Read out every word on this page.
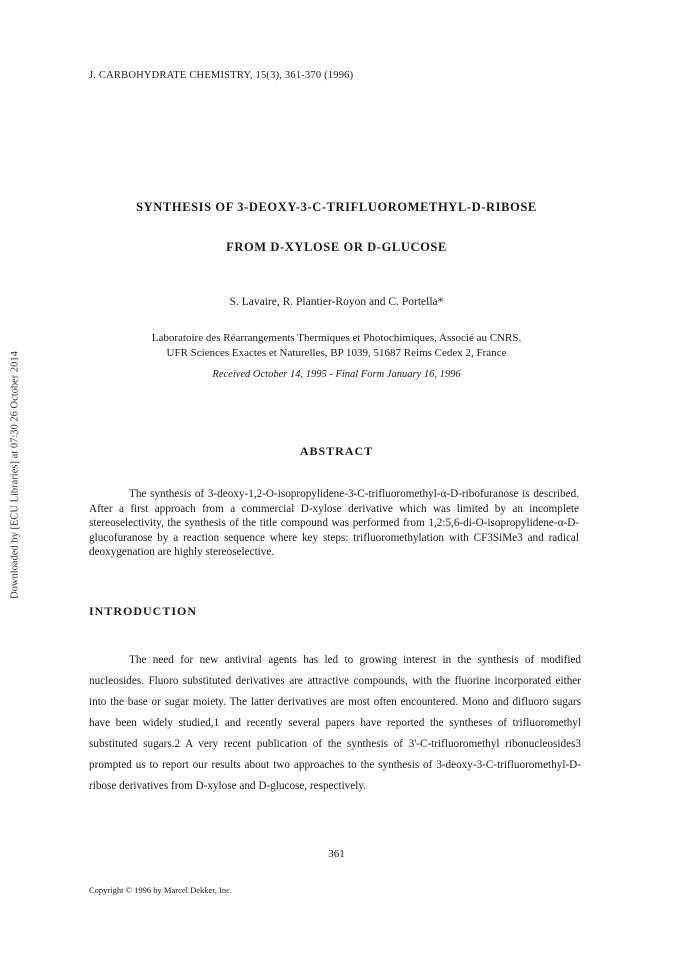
Downloaded by [ECU Libraries] at 07:30 26 October 2014
J. CARBOHYDRATE CHEMISTRY, 15(3), 361-370 (1996)
SYNTHESIS OF 3-DEOXY-3-C-TRIFLUOROMETHYL-D-RIBOSE
FROM D-XYLOSE OR D-GLUCOSE
S. Lavaire, R. Plantier-Royon and C. Portella*
Laboratoire des Réarrangements Thermiques et Photochimiques, Associé au CNRS.
UFR Sciences Exactes et Naturelles, BP 1039, 51687 Reims Cedex 2, France
Received October 14, 1995 - Final Form January 16, 1996
ABSTRACT

The synthesis of 3-deoxy-1,2-O-isopropylidene-3-C-trifluoromethyl-α-D-ribofuranose is described. After a first approach from a commercial D-xylose derivative which was limited by an incomplete stereoselectivity, the synthesis of the title compound was performed from 1,2:5,6-di-O-isopropylidene-α-D-glucofuranose by a reaction sequence where key steps: trifluoromethylation with CF3SiMe3 and radical deoxygenation are highly stereoselective.

INTRODUCTION

The need for new antiviral agents has led to growing interest in the synthesis of modified nucleosides. Fluoro substituted derivatives are attractive compounds, with the fluorine incorporated either into the base or sugar moiety. The latter derivatives are most often encountered. Mono and difluoro sugars have been widely studied,1 and recently several papers have reported the syntheses of trifluoromethyl substituted sugars.2 A very recent publication of the synthesis of 3'-C-trifluoromethyl ribonucleosides3 prompted us to report our results about two approaches to the synthesis of 3-deoxy-3-C-trifluoromethyl-D-ribose derivatives from D-xylose and D-glucose, respectively.

361
Copyright © 1996 by Marcel Dekker, Inc.
